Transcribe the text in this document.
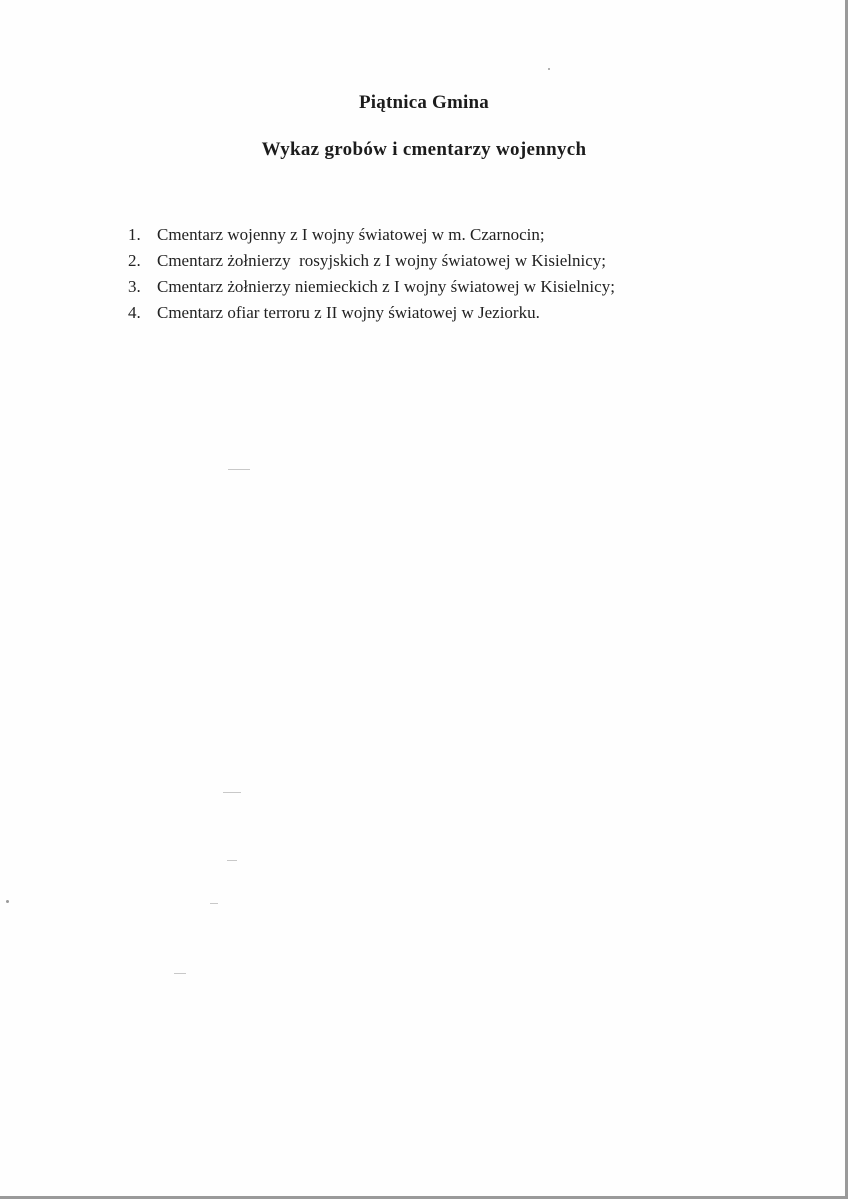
Piątnica Gmina
Wykaz grobów i cmentarzy wojennych
1. Cmentarz wojenny z I wojny światowej w m. Czarnocin;
2. Cmentarz żołnierzy  rosyjskich z I wojny światowej w Kisielnicy;
3. Cmentarz żołnierzy niemieckich z I wojny światowej w Kisielnicy;
4. Cmentarz ofiar terroru z II wojny światowej w Jeziorku.
